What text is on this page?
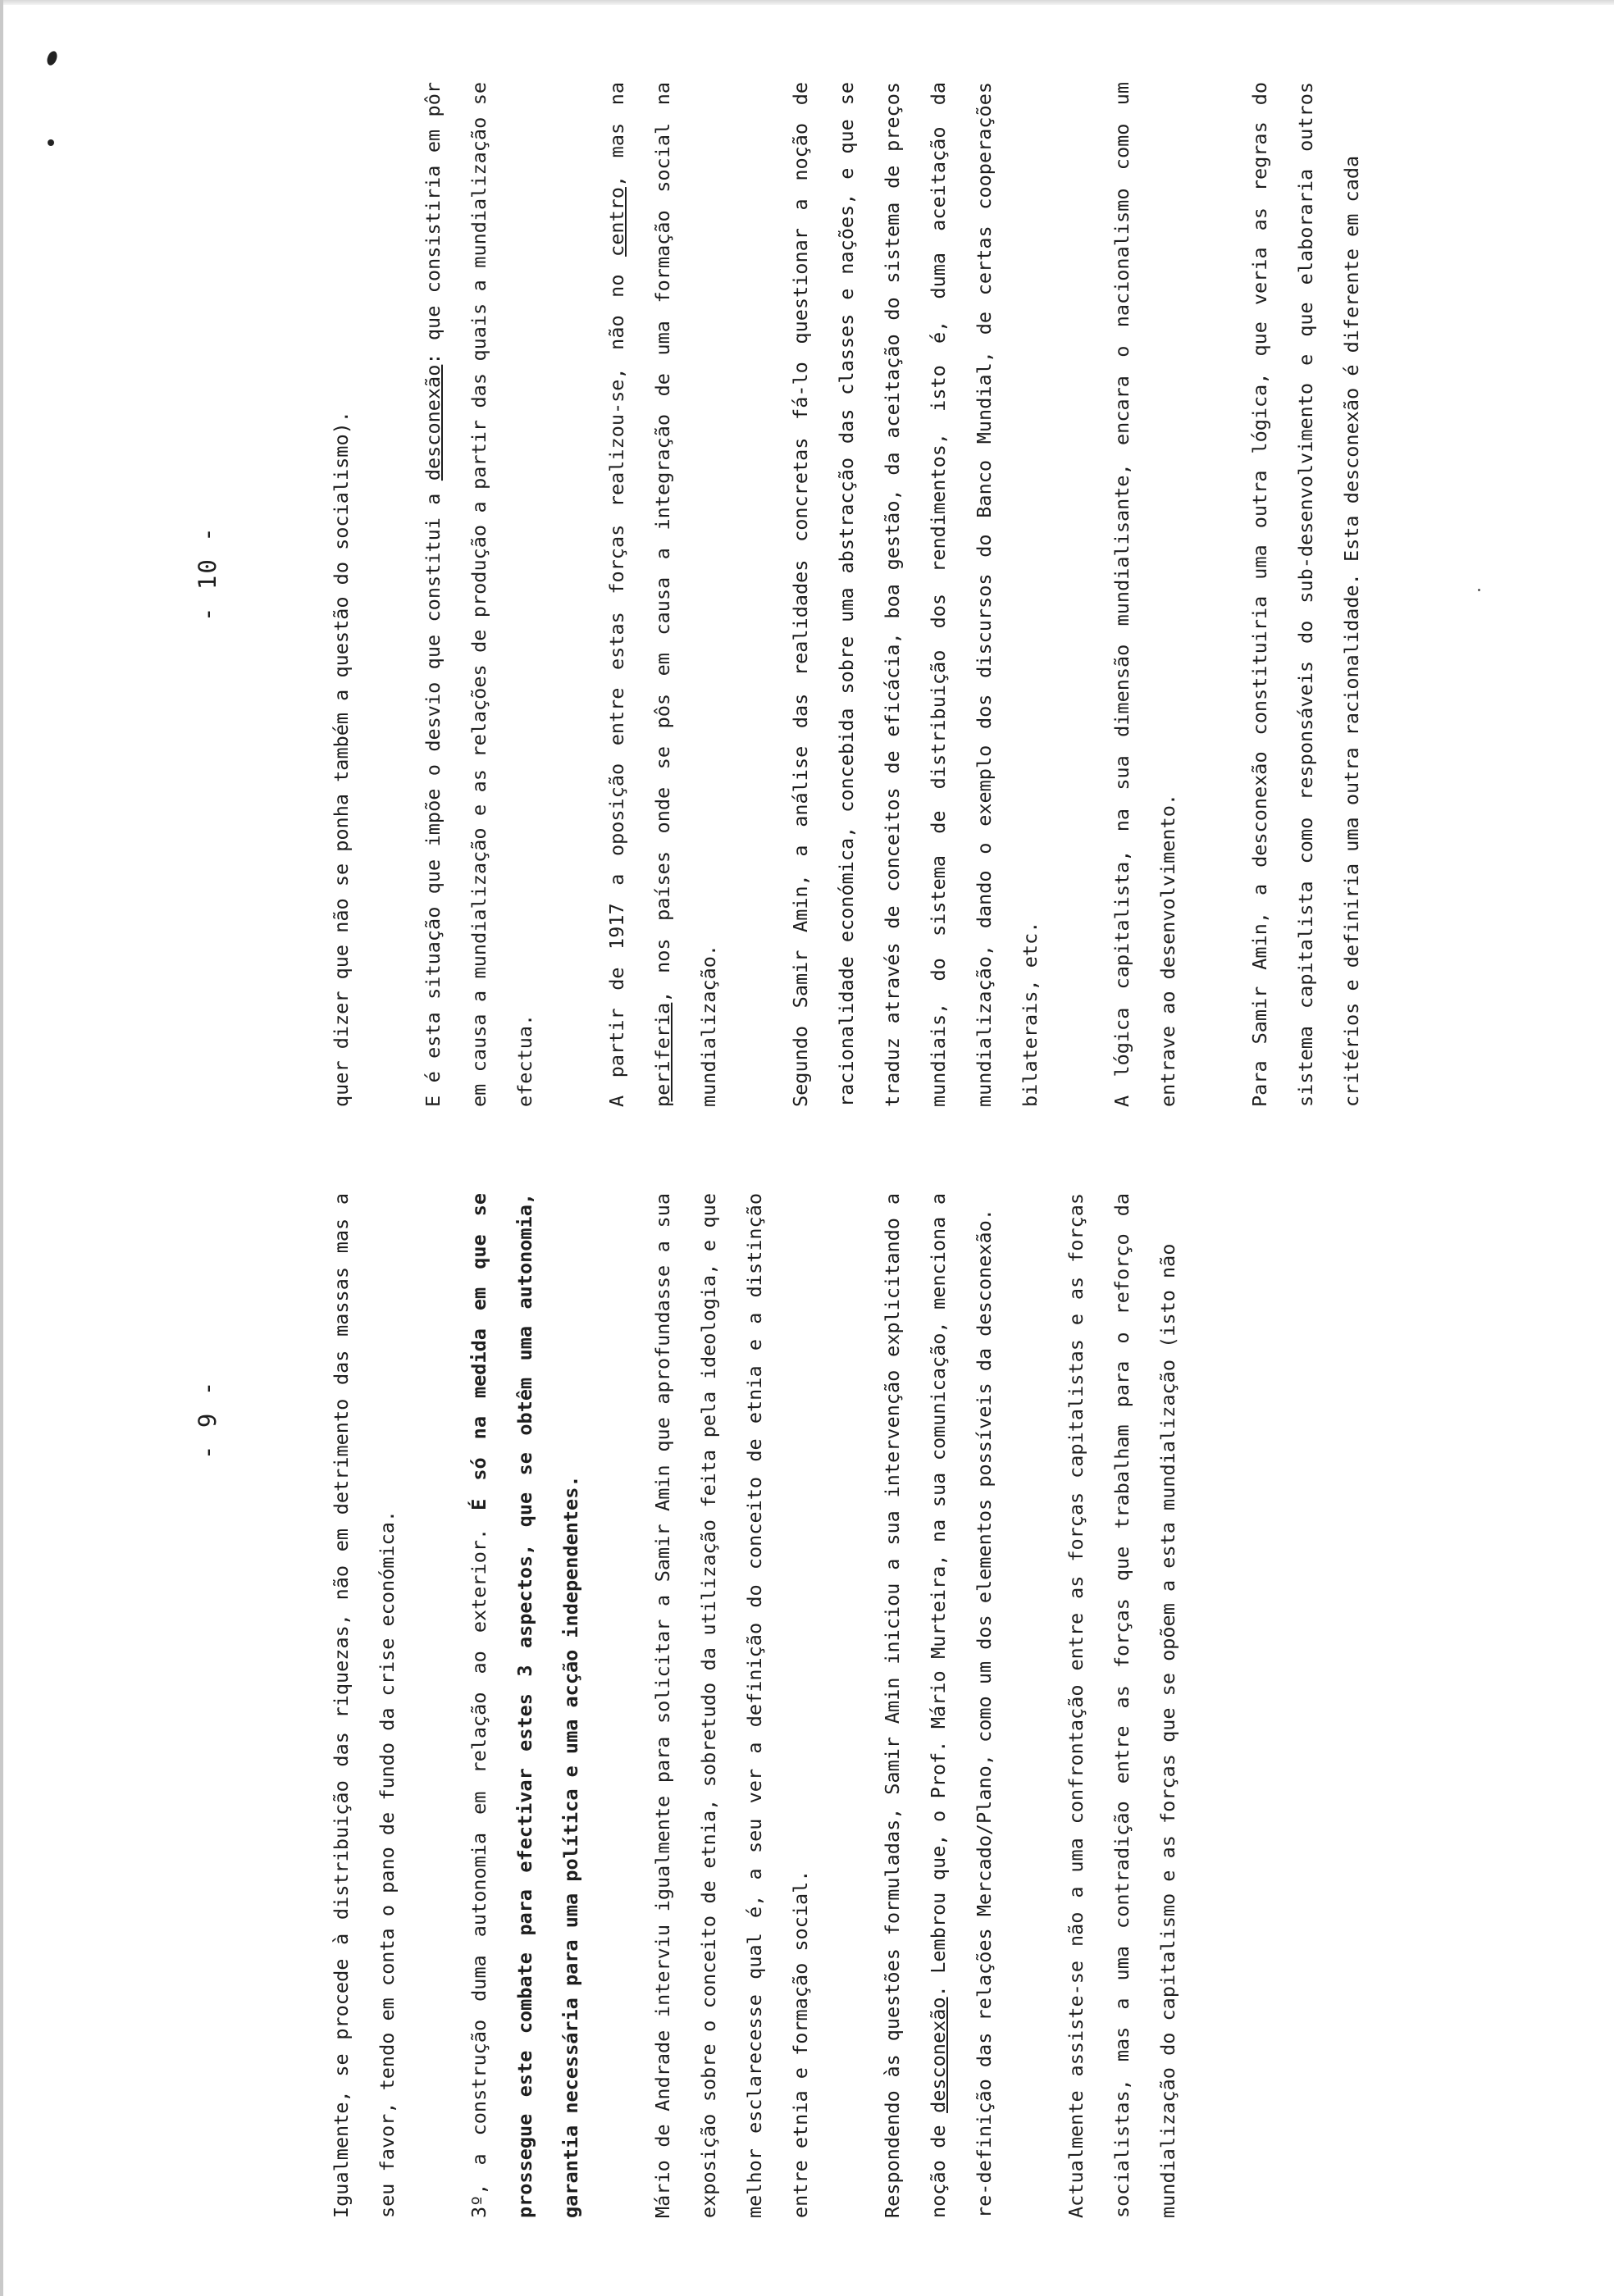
- 9 -
- 10 -

Igualmente, se procede à distribuição das riquezas, não em detrimento das massas mas a seu favor, tendo em conta o pano de fundo da crise económica.	3º, a construção duma autonomia em relação ao exterior. É só na medida em que se prossegue este combate para efectivar estes 3 aspectos, que se obtêm uma autonomia, garantia necessária para uma política e uma acção independentes.	Mário de Andrade interviu igualmente para solicitar a Samir Amin que aprofundasse a sua exposição sobre o conceito de etnia, sobretudo da utilização feita pela ideologia, e que melhor esclarecesse qual é, a seu ver a definição do conceito de etnia e a distinção entre etnia e formação social.	Respondendo às questões formuladas, Samir Amin iniciou a sua intervenção explicitando a noção de desconexão. Lembrou que, o Prof. Mário Murteira, na sua comunicação, menciona a re-definição das relações Mercado/Plano, como um dos elementos possíveis da desconexão.	Actualmente assiste-se não a uma confrontação entre as forças capitalistas e as forças socialistas, mas a uma contradição entre as forças que trabalham para o reforço da mundialização do capitalismo e as forças que se opõem a esta mundialização (isto não

quer dizer que não se ponha também a questão do socialismo).	E é esta situação que impõe o desvio que constitui a desconexão: que consistiria em pôr em causa a mundialização e as relações de produção a partir das quais a mundialização se efectua.	A partir de 1917 a oposição entre estas forças realizou-se, não no centro, mas na periferia, nos países onde se pôs em causa a integração de uma formação social na mundialização.	Segundo Samir Amin, a análise das realidades concretas fá-lo questionar a noção de racionalidade económica, concebida sobre uma abstracção das classes e nações, e que se traduz através de conceitos de eficácia, boa gestão, da aceitação do sistema de preços mundiais, do sistema de distribuição dos rendimentos, isto é, duma aceitação da mundialização, dando o exemplo dos discursos do Banco Mundial, de certas cooperações bilaterais, etc.	A lógica capitalista, na sua dimensão mundialisante, encara o nacionalismo como um entrave ao desenvolvimento.	Para Samir Amin, a desconexão constituiria uma outra lógica, que veria as regras do sistema capitalista como responsáveis do sub-desenvolvimento e que elaboraria outros critérios e definiria uma outra racionalidade. Esta desconexão é diferente em cada
